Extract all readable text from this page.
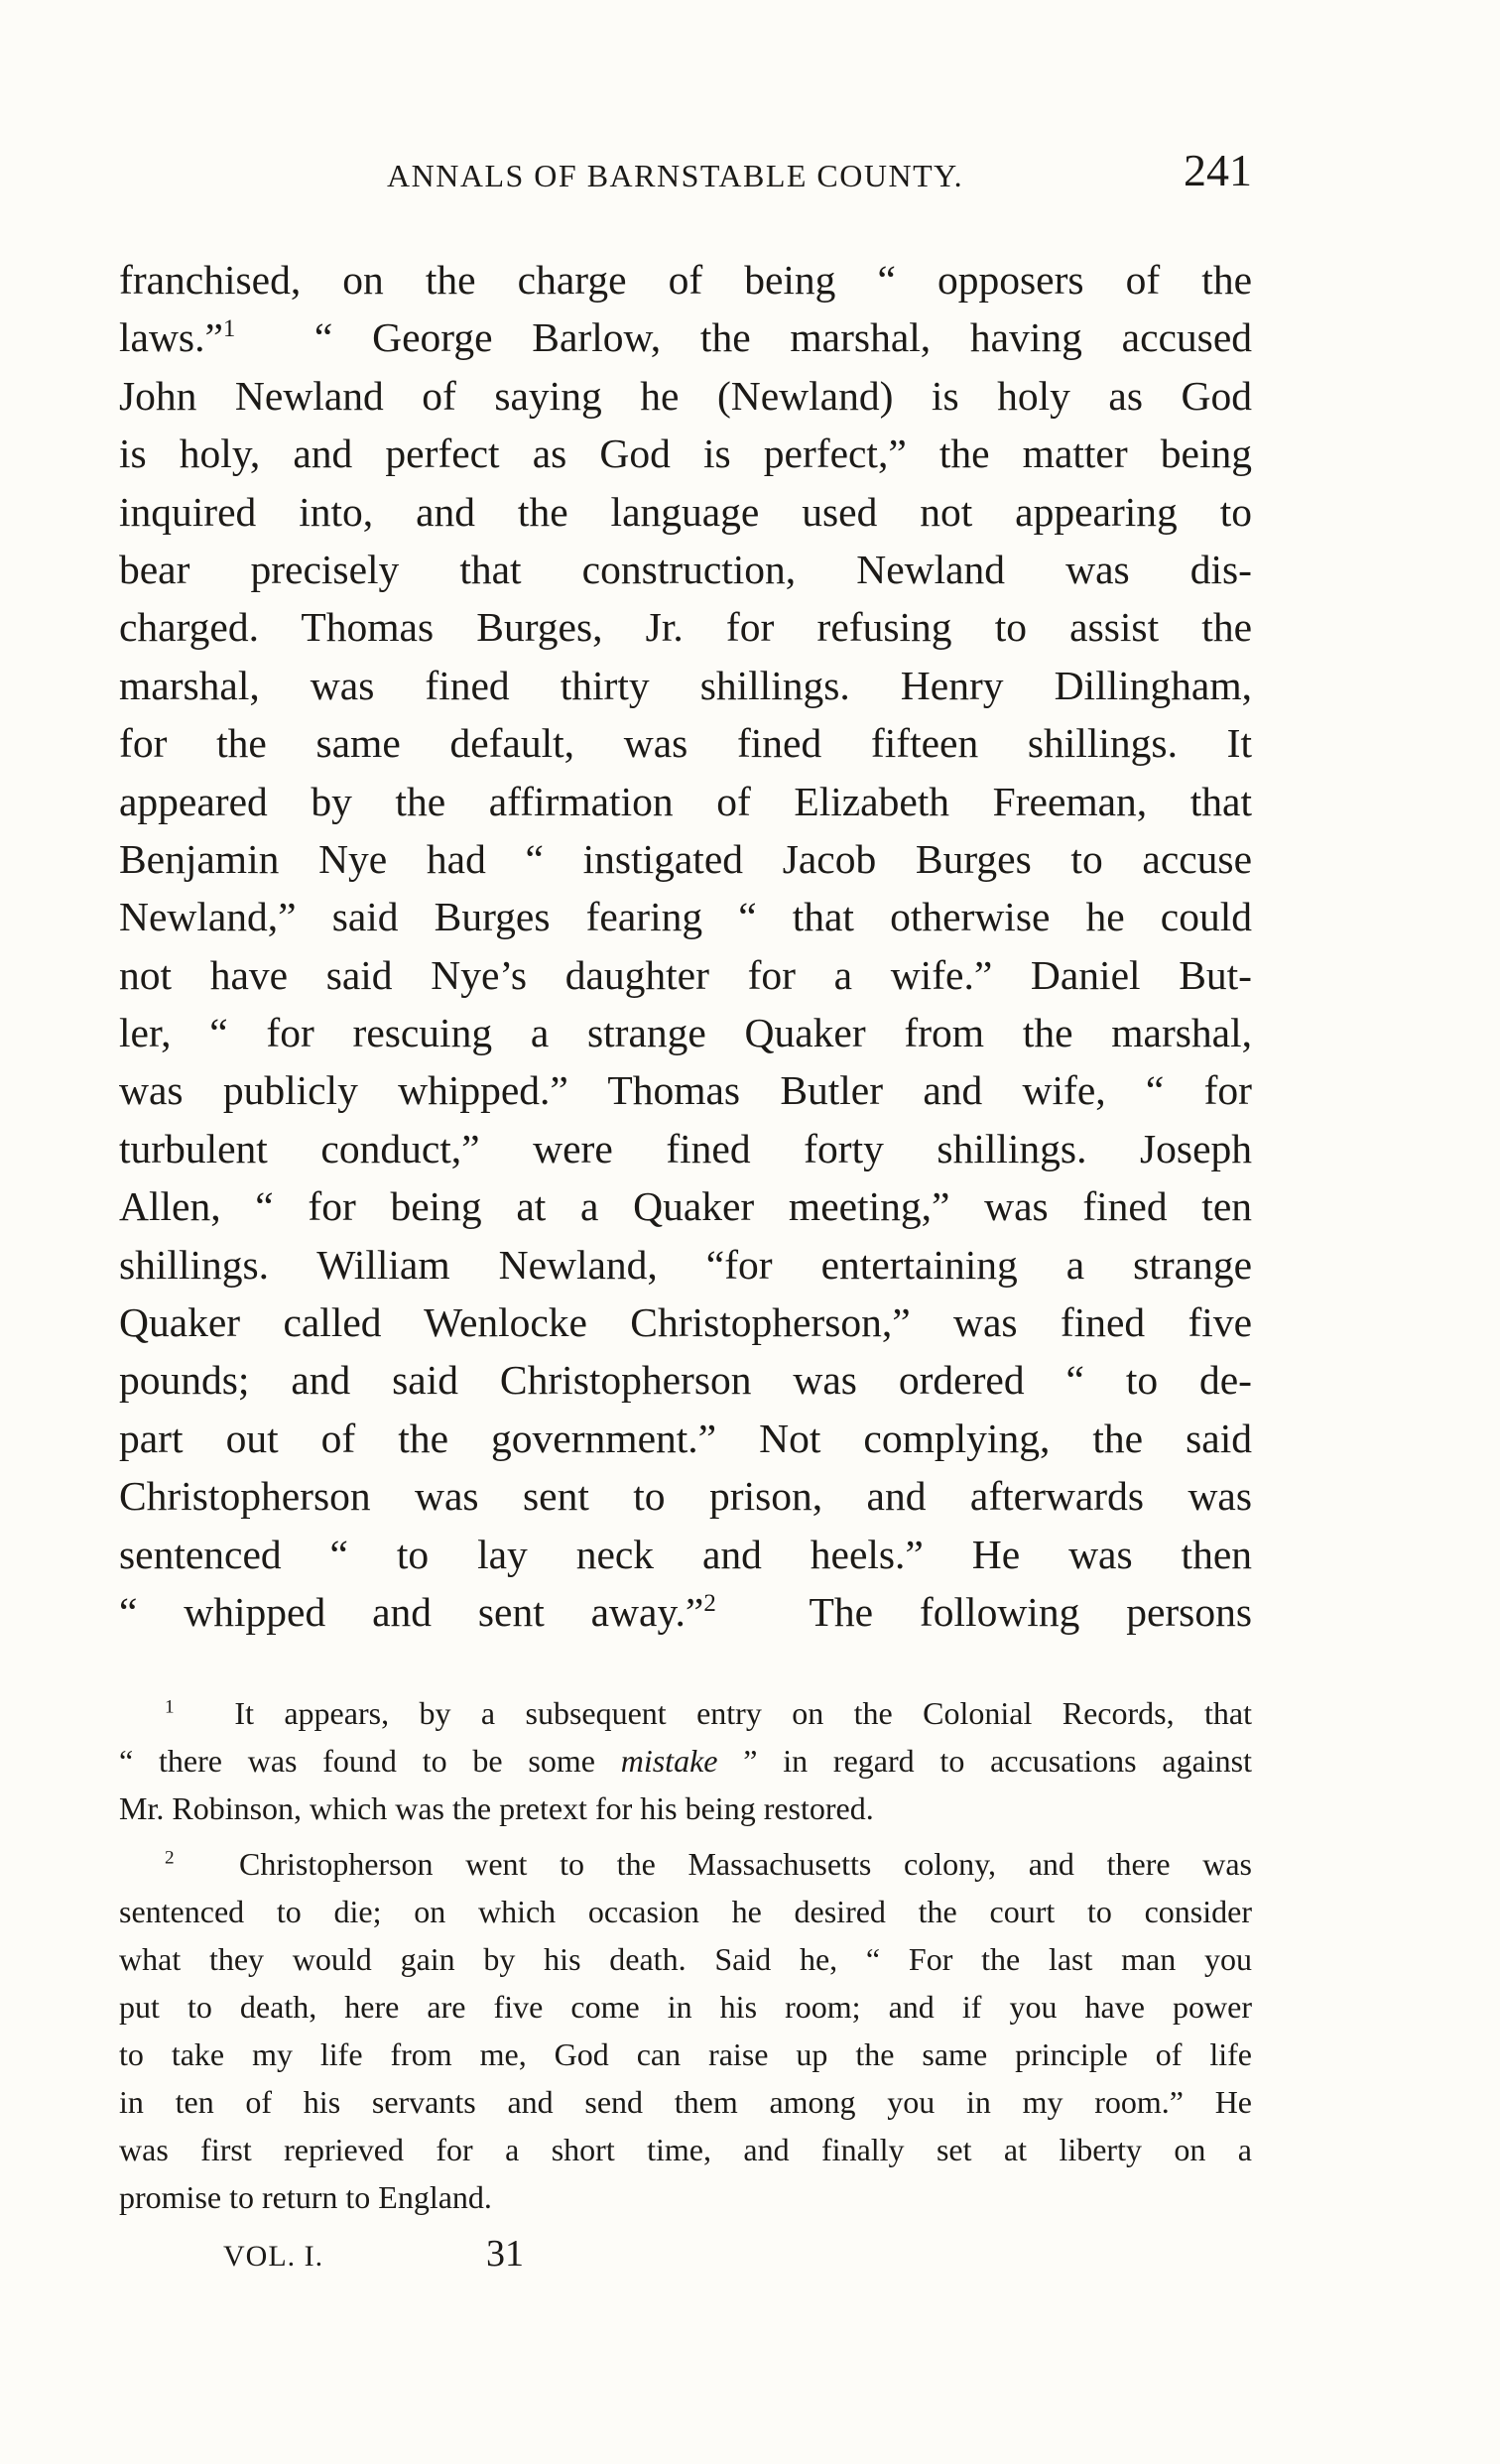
ANNALS OF BARNSTABLE COUNTY.	241
franchised, on the charge of being “ opposers of the
laws.”$^1$ “ George Barlow, the marshal, having accused
John Newland of saying he (Newland) is holy as God
is holy, and perfect as God is perfect,” the matter being
inquired into, and the language used not appearing to
bear precisely that construction, Newland was dis-
charged. Thomas Burges, Jr. for refusing to assist the
marshal, was fined thirty shillings. Henry Dillingham,
for the same default, was fined fifteen shillings. It
appeared by the affirmation of Elizabeth Freeman, that
Benjamin Nye had “ instigated Jacob Burges to accuse
Newland,” said Burges fearing “ that otherwise he could
not have said Nye’s daughter for a wife.” Daniel But-
ler, “ for rescuing a strange Quaker from the marshal,
was publicly whipped.” Thomas Butler and wife, “ for
turbulent conduct,” were fined forty shillings. Joseph
Allen, “ for being at a Quaker meeting,” was fined ten
shillings. William Newland, “for entertaining a strange
Quaker called Wenlocke Christopherson,” was fined five
pounds; and said Christopherson was ordered “ to de-
part out of the government.” Not complying, the said
Christopherson was sent to prison, and afterwards was
sentenced “ to lay neck and heels.” He was then
“ whipped and sent away.”$^2$ The following persons
$^1$ It appears, by a subsequent entry on the Colonial Records, that
“ there was found to be some mistake ” in regard to accusations against
Mr. Robinson, which was the pretext for his being restored.
$^2$ Christopherson went to the Massachusetts colony, and there was
sentenced to die; on which occasion he desired the court to consider
what they would gain by his death. Said he, “ For the last man you
put to death, here are five come in his room; and if you have power
to take my life from me, God can raise up the same principle of life
in ten of his servants and send them among you in my room.” He
was first reprieved for a short time, and finally set at liberty on a
promise to return to England.
VOL. I.	31
